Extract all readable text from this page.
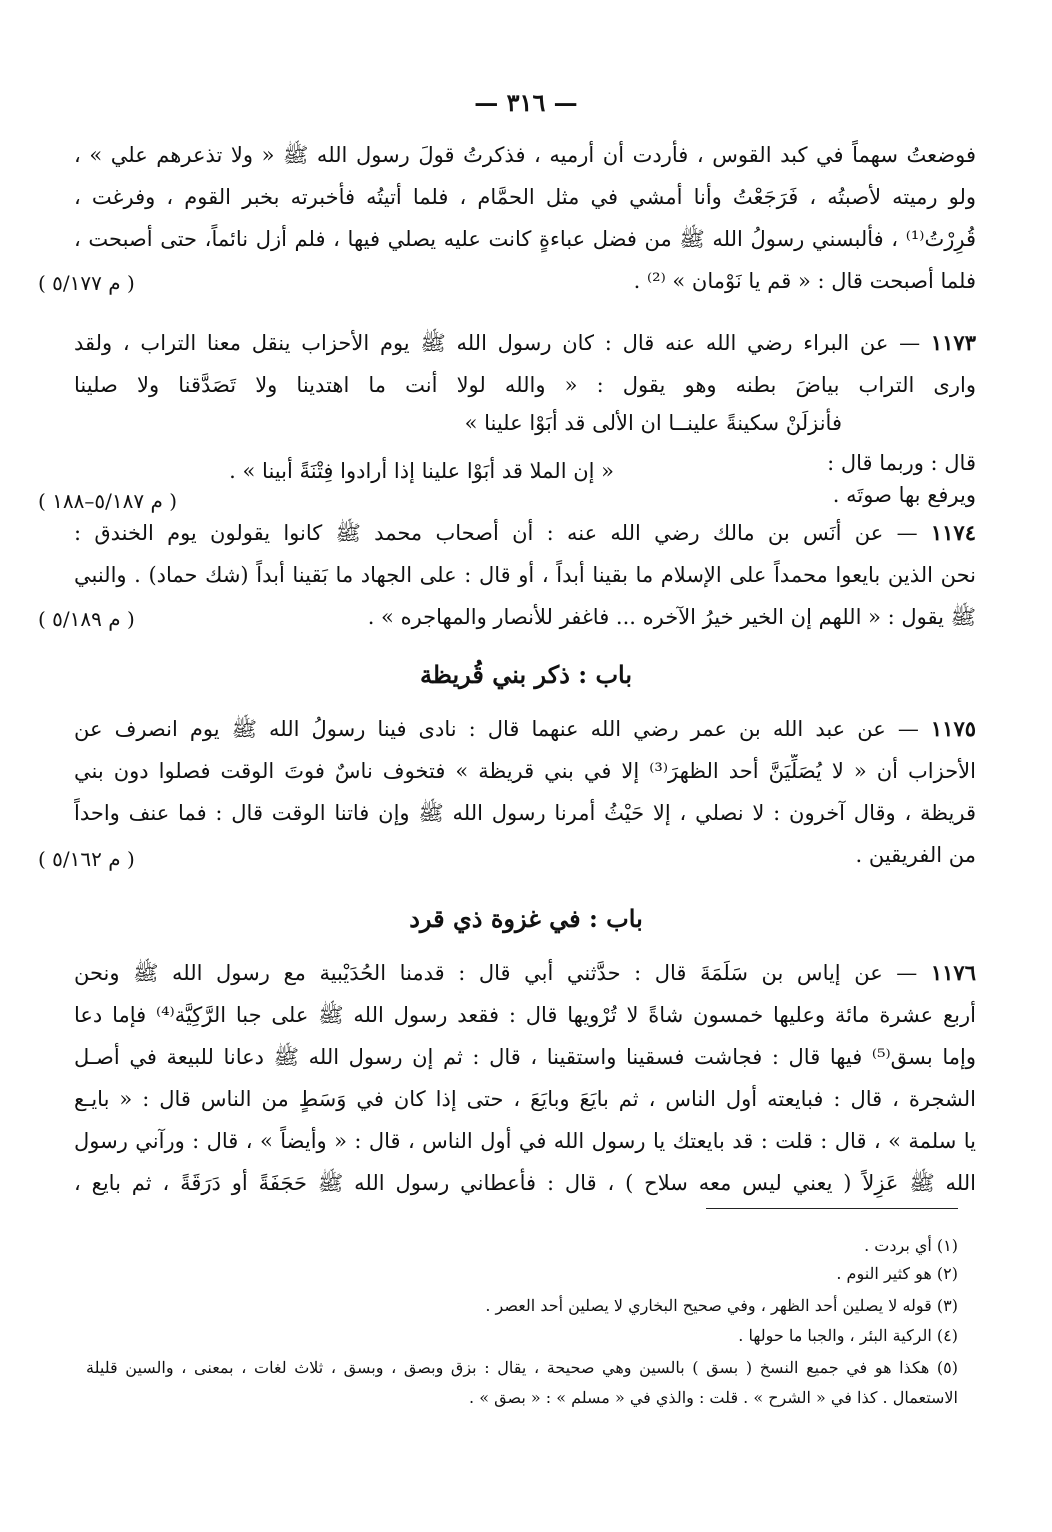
— ٣١٦ —
فوضعتُ سهماً في كبد القوس ، فأردت أن أرميه ، فذكرتُ قولَ رسول الله ﷺ « ولا تذعرهم علي » ،
ولو رميته لأصبتُه ، فَرَجَعْتُ وأنا أمشي في مثل الحمَّام ، فلما أتيتُه فأخبرته بخبر القوم ، وفرغت ،
قُرِرْتُ⁽¹⁾ ، فألبسني رسولُ الله ﷺ من فضل عباءةٍ كانت عليه يصلي فيها ، فلم أزل نائماً، حتى أصبحت ،
فلما أصبحت قال : « قم يا نَوْمان » ⁽²⁾ .
( م ٥/١٧٧ )
١١٧٣ — عن البراء رضي الله عنه قال : كان رسول الله ﷺ يوم الأحزاب ينقل معنا التراب ، ولقد
وارى التراب بياضَ بطنه وهو يقول : « والله لولا أنت ما اهتدينا ولا تَصَدَّقنا ولا صلينا
فأنزلَنْ سكينةً علينــا ان الألى قد أبَوْا علينا »
قال : وربما قال :
« إن الملا قد أبَوْا علينا إذا أرادوا فِتْنَةً أبينا » .
ويرفع بها صوتَه .
( م ٥/١٨٧–١٨٨ )
١١٧٤ — عن أنَس بن مالك رضي الله عنه : أن أصحاب محمد ﷺ كانوا يقولون يوم الخندق :
نحن الذين بايعوا محمداً على الإسلام ما بقينا أبداً ، أو قال : على الجهاد ما بَقينا أبداً (شك حماد) . والنبي
ﷺ يقول : « اللهم إن الخير خيرُ الآخره ... فاغفر للأنصار والمهاجره » .
( م ٥/١٨٩ )
باب : ذكر بني قُريظة
١١٧٥ — عن عبد الله بن عمر رضي الله عنهما قال : نادى فينا رسولُ الله ﷺ يوم انصرف عن
الأحزاب أن « لا يُصَلِّيَنَّ أحد الظهرَ⁽³⁾ إلا في بني قريظة » فتخوف ناسٌ فوتَ الوقت فصلوا دون بني
قريظة ، وقال آخرون : لا نصلي ، إلا حَيْثُ أمرنا رسول الله ﷺ وإن فاتنا الوقت قال : فما عنف واحداً
من الفريقين .
( م ٥/١٦٢ )
باب : في غزوة ذي قرد
١١٧٦ — عن إياس بن سَلَمَةَ قال : حدَّثني أبي قال : قدمنا الحُدَيْبية مع رسول الله ﷺ ونحن
أربع عشرة مائة وعليها خمسون شاةً لا تُرْويها قال : فقعد رسول الله ﷺ على جبا الرَّكِيَّة⁽⁴⁾ فإما دعا
وإما بسق⁽⁵⁾ فيها قال : فجاشت فسقينا واستقينا ، قال : ثم إن رسول الله ﷺ دعانا للبيعة في أصـل
الشجرة ، قال : فبايعته أول الناس ، ثم بايَعَ وبايَعَ ، حتى إذا كان في وَسَطٍ من الناس قال : « بايـع
يا سلمة » ، قال : قلت : قد بايعتك يا رسول الله في أول الناس ، قال : « وأيضاً » ، قال : ورآني رسول
الله ﷺ عَزِلاً ( يعني ليس معه سلاح ) ، قال : فأعطاني رسول الله ﷺ حَجَفَةً أو دَرَقَةً ، ثم بايع ،
(١) أي بردت .
(٢) هو كثير النوم .
(٣) قوله لا يصلين أحد الظهر ، وفي صحيح البخاري لا يصلين أحد العصر .
(٤) الركية البئر ، والجبا ما حولها .
(٥) هكذا هو في جميع النسخ ( بسق ) بالسين وهي صحيحة ، يقال : بزق وبصق ، وبسق ، ثلاث لغات ، بمعنى ، والسين قليلة
الاستعمال . كذا في « الشرح » . قلت : والذي في « مسلم » : « بصق » .
